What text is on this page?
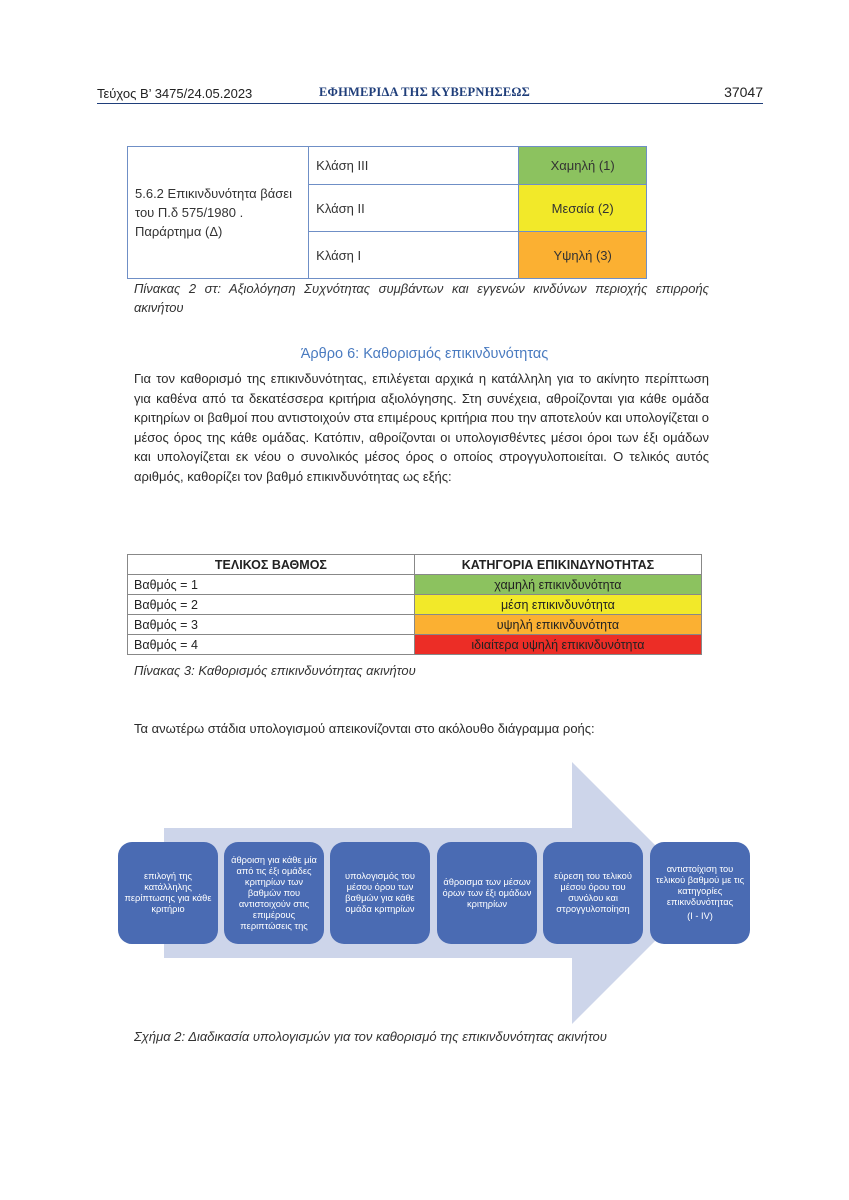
Τεύχος Β’ 3475/24.05.2023	ΕΦΗΜΕΡΙΔΑ ΤΗΣ ΚΥΒΕΡΝΗΣΕΩΣ	37047
5.6.2 Επικινδυνότητα βάσει του Π.δ 575/1980 . Παράρτημα (Δ)	Κλάση ΙΙΙ	Χαμηλή (1)
	Κλάση ΙΙ	Μεσαία (2)
	Κλάση Ι	Υψηλή (3)
Πίνακας 2 στ: Αξιολόγηση Συχνότητας συμβάντων και εγγενών κινδύνων περιοχής επιρροής ακινήτου
Άρθρο 6: Καθορισμός επικινδυνότητας
Για τον καθορισμό της επικινδυνότητας, επιλέγεται αρχικά η κατάλληλη για το ακίνητο περίπτωση για καθένα από τα δεκατέσσερα κριτήρια αξιολόγησης. Στη συνέχεια, αθροίζονται για κάθε ομάδα κριτηρίων οι βαθμοί που αντιστοιχούν στα επιμέρους κριτήρια που την αποτελούν και υπολογίζεται ο μέσος όρος της κάθε ομάδας. Κατόπιν, αθροίζονται οι υπολογισθέντες μέσοι όροι των έξι ομάδων και υπολογίζεται εκ νέου ο συνολικός μέσος όρος ο οποίος στρογγυλοποιείται. Ο τελικός αυτός αριθμός, καθορίζει τον βαθμό επικινδυνότητας ως εξής:
ΤΕΛΙΚΟΣ ΒΑΘΜΟΣ	ΚΑΤΗΓΟΡΙΑ ΕΠΙΚΙΝΔΥΝΟΤΗΤΑΣ
Βαθμός = 1	χαμηλή επικινδυνότητα
Βαθμός = 2	μέση επικινδυνότητα
Βαθμός = 3	υψηλή επικινδυνότητα
Βαθμός = 4	ιδιαίτερα υψηλή επικινδυνότητα
Πίνακας 3: Καθορισμός επικινδυνότητας ακινήτου
Τα ανωτέρω στάδια υπολογισμού απεικονίζονται στο ακόλουθο διάγραμμα ροής:
επιλογή της κατάλληλης περίπτωσης για κάθε κριτήριο
άθροιση για κάθε μία από τις έξι ομάδες κριτηρίων των βαθμών που αντιστοιχούν στις επιμέρους περιπτώσεις της
υπολογισμός του μέσου όρου των βαθμών για κάθε ομάδα κριτηρίων
άθροισμα των μέσων όρων των έξι ομάδων κριτηρίων
εύρεση του τελικού μέσου όρου του συνόλου και στρογγυλοποίηση
αντιστοίχιση του τελικού βαθμού με τις κατηγορίες επικινδυνότητας
(I - IV)
Σχήμα 2: Διαδικασία υπολογισμών για τον καθορισμό της επικινδυνότητας ακινήτου
